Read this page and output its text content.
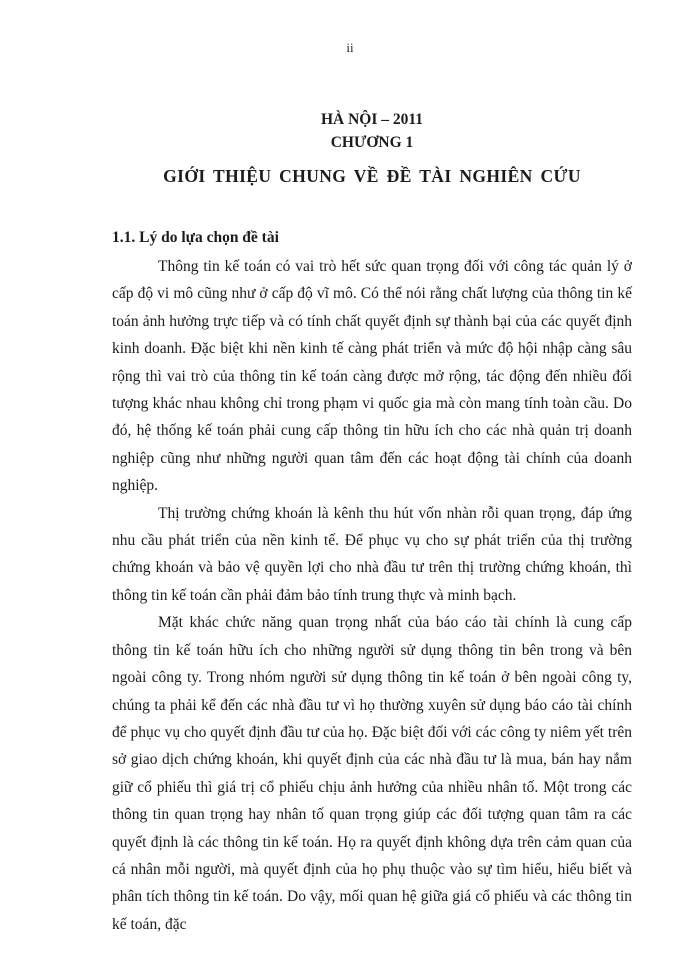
ii

HÀ NỘI – 2011

CHƯƠNG 1

GIỚI THIỆU CHUNG VỀ ĐỀ TÀI NGHIÊN CỨU
1.1. Lý do lựa chọn đề tài

Thông tin kế toán có vai trò hết sức quan trọng đối với công tác quản lý ở cấp độ vi mô cũng như ở cấp độ vĩ mô. Có thể nói rằng chất lượng của thông tin kế toán ảnh hưởng trực tiếp và có tính chất quyết định sự thành bại của các quyết định kinh doanh. Đặc biệt khi nền kinh tế càng phát triển và mức độ hội nhập càng sâu rộng thì vai trò của thông tin kế toán càng được mở rộng, tác động đến nhiều đối tượng khác nhau không chỉ trong phạm vi quốc gia mà còn mang tính toàn cầu. Do đó, hệ thống kế toán phải cung cấp thông tin hữu ích cho các nhà quản trị doanh nghiệp cũng như những người quan tâm đến các hoạt động tài chính của doanh nghiệp.

Thị trường chứng khoán là kênh thu hút vốn nhàn rỗi quan trọng, đáp ứng nhu cầu phát triển của nền kinh tế. Để phục vụ cho sự phát triển của thị trường chứng khoán và bảo vệ quyền lợi cho nhà đầu tư trên thị trường chứng khoán, thì thông tin kế toán cần phải đảm bảo tính trung thực và minh bạch.

Mặt khác chức năng quan trọng nhất của báo cáo tài chính là cung cấp thông tin kế toán hữu ích cho những người sử dụng thông tin bên trong và bên ngoài công ty. Trong nhóm người sử dụng thông tin kế toán ở bên ngoài công ty, chúng ta phải kể đến các nhà đầu tư vì họ thường xuyên sử dụng báo cáo tài chính để phục vụ cho quyết định đầu tư của họ. Đặc biệt đối với các công ty niêm yết trên sở giao dịch chứng khoán, khi quyết định của các nhà đầu tư là mua, bán hay nắm giữ cổ phiếu thì giá trị cổ phiếu chịu ảnh hưởng của nhiều nhân tố. Một trong các thông tin quan trọng hay nhân tố quan trọng giúp các đối tượng quan tâm ra các quyết định là các thông tin kế toán. Họ ra quyết định không dựa trên cảm quan của cá nhân mỗi người, mà quyết định của họ phụ thuộc vào sự tìm hiểu, hiểu biết và phân tích thông tin kế toán. Do vậy, mối quan hệ giữa giá cổ phiếu và các thông tin kế toán, đặc
